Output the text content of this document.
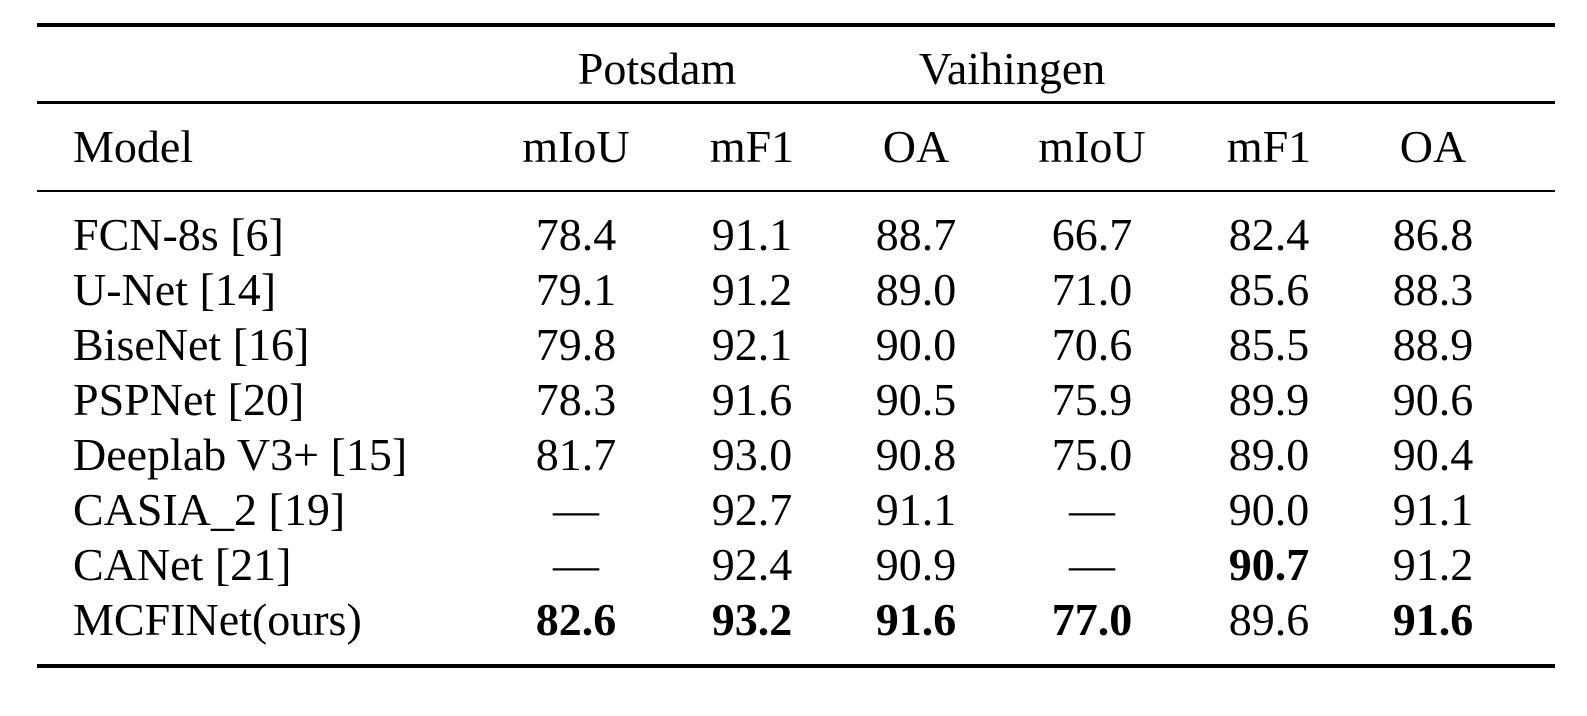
Potsdam	Vaihingen
Model	mIoU mF1 OA mIoU mF1 OA
FCN-8s [6]	78.4 91.1 88.7 66.7 82.4 86.8
U-Net [14]	79.1 91.2 89.0 71.0 85.6 88.3
BiseNet [16]	79.8 92.1 90.0 70.6 85.5 88.9
PSPNet [20]	78.3 91.6 90.5 75.9 89.9 90.6
Deeplab V3+ [15]	81.7 93.0 90.8 75.0 89.0 90.4
CASIA_2 [19]	— 92.7 91.1 — 90.0 91.1
CANet [21]	— 92.4 90.9 — 90.7 91.2
MCFINet(ours)	82.6 93.2 91.6 77.0 89.6 91.6
